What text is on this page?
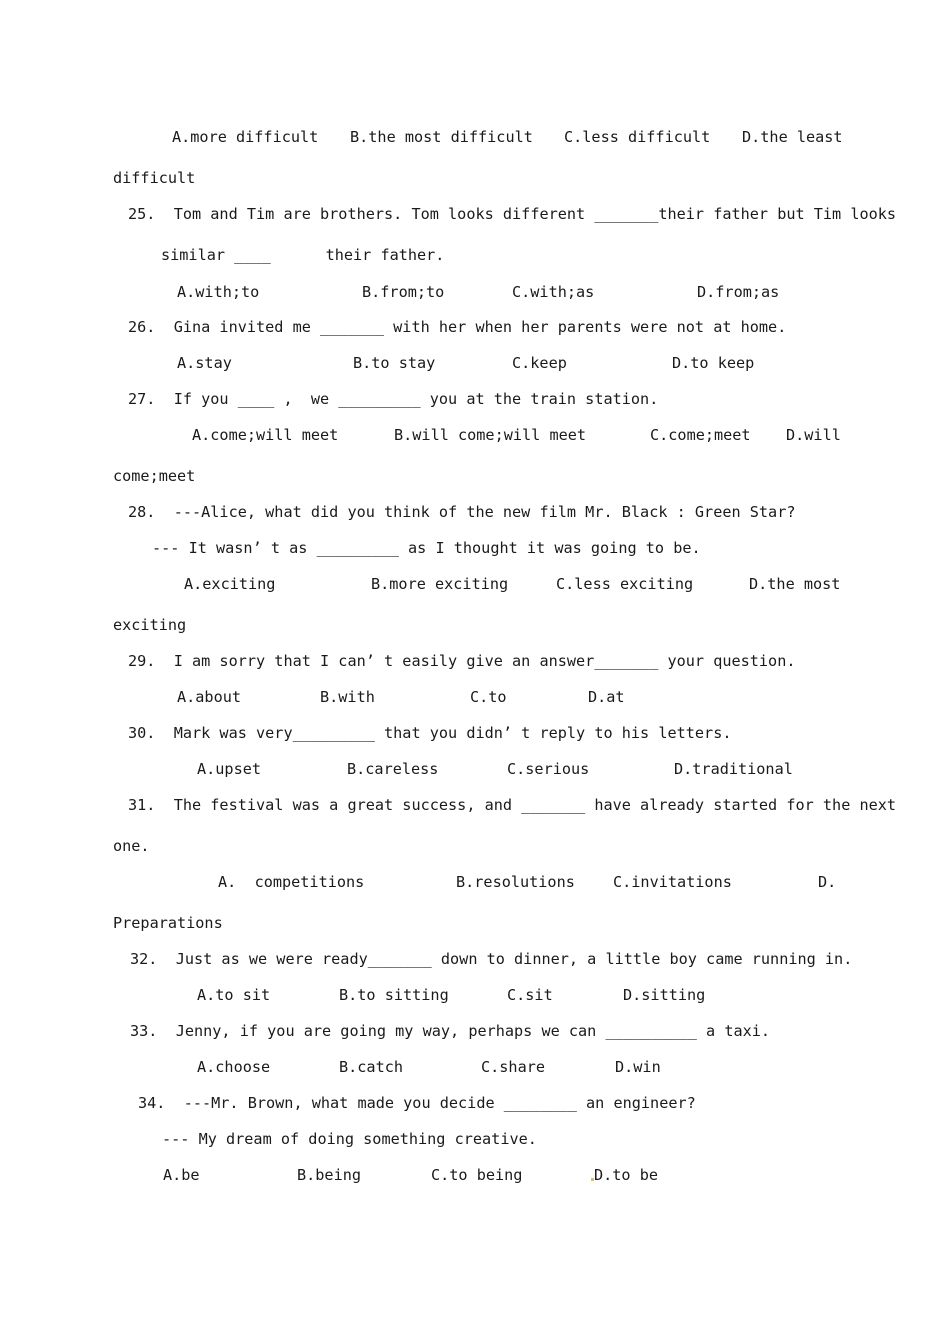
A.more difficult B.the most difficult C.less difficult D.the least
difficult
25.  Tom and Tim are brothers. Tom looks different _______their father but Tim looks
similar ____      their father.
A.with;to	B.from;to	C.with;as	D.from;as
26.  Gina invited me _______ with her when her parents were not at home.
A.stay	B.to stay	C.keep	D.to keep
27.  If you ____ ,  we _________ you at the train station.
A.come;will meet	B.will come;will meet	C.come;meet D.will
come;meet
28.  ---Alice, what did you think of the new film Mr. Black : Green Star?
--- It wasn’ t as _________ as I thought it was going to be.
A.exciting	B.more exciting	C.less exciting	D.the most
exciting
29.  I am sorry that I can’ t easily give an answer_______ your question.
A.about	B.with	C.to	D.at
30.  Mark was very_________ that you didn’ t reply to his letters.
A.upset	B.careless	C.serious	D.traditional
31.  The festival was a great success, and _______ have already started for the next
one.
A.  competitions	B.resolutions	C.invitations	D.
Preparations
32.  Just as we were ready_______ down to dinner, a little boy came running in.
A.to sit	B.to sitting	C.sit	D.sitting
33.  Jenny, if you are going my way, perhaps we can __________ a taxi.
A.choose	B.catch	C.share	D.win
34.  ---Mr. Brown, what made you decide ________ an engineer?
--- My dream of doing something creative.
A.be	B.being	C.to being	D.to be
